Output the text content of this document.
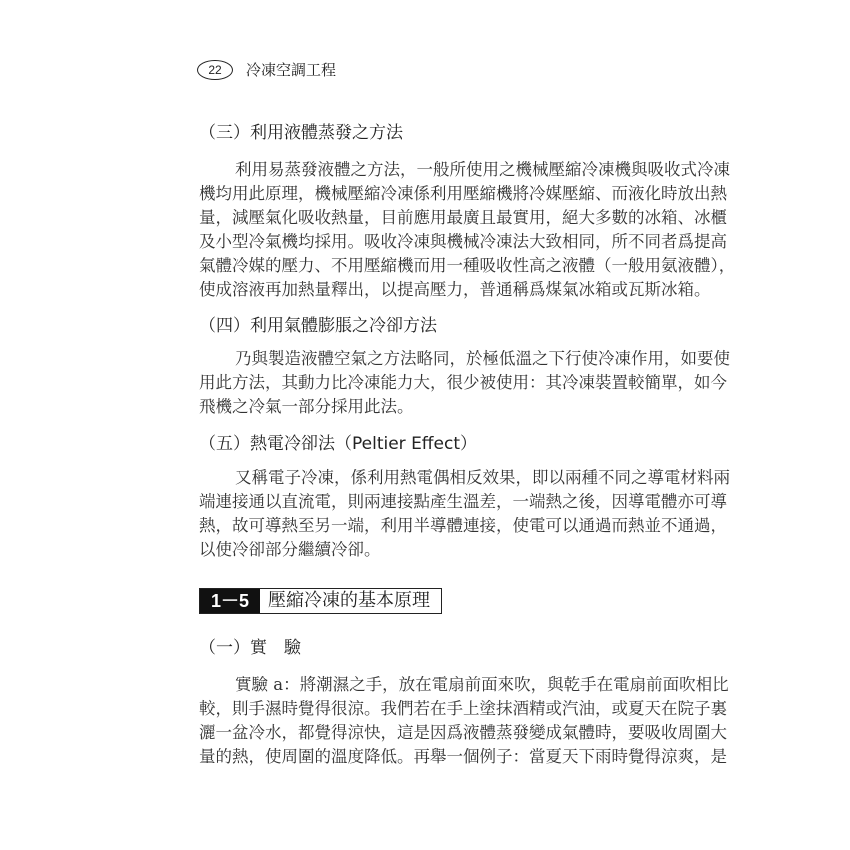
22	冷凍空調工程
（三）利用液體蒸發之方法
利用易蒸發液體之方法，一般所使用之機械壓縮冷凍機與吸收式冷凍
機均用此原理，機械壓縮冷凍係利用壓縮機將冷媒壓縮、而液化時放出熱
量，減壓氣化吸收熱量，目前應用最廣且最實用，絕大多數的冰箱、冰櫃
及小型冷氣機均採用。吸收冷凍與機械冷凍法大致相同，所不同者爲提高
氣體冷媒的壓力、不用壓縮機而用一種吸收性高之液體（一般用氨液體），
使成溶液再加熱量釋出，以提高壓力，普通稱爲煤氣冰箱或瓦斯冰箱。
（四）利用氣體膨脹之冷卻方法
乃與製造液體空氣之方法略同，於極低溫之下行使冷凍作用，如要使
用此方法，其動力比冷凍能力大，很少被使用：其冷凍裝置較簡單，如今
飛機之冷氣一部分採用此法。
（五）熱電冷卻法（Peltier Effect）
又稱電子冷凍，係利用熱電偶相反效果，即以兩種不同之導電材料兩
端連接通以直流電，則兩連接點產生溫差，一端熱之後，因導電體亦可導
熱，故可導熱至另一端，利用半導體連接，使電可以通過而熱並不通過，
以使冷卻部分繼續冷卻。
1－5	壓縮冷凍的基本原理
（一）實　驗
實驗 a：將潮濕之手，放在電扇前面來吹，與乾手在電扇前面吹相比
較，則手濕時覺得很涼。我們若在手上塗抹酒精或汽油，或夏天在院子裏
灑一盆冷水，都覺得涼快，這是因爲液體蒸發變成氣體時，要吸收周圍大
量的熱，使周圍的溫度降低。再舉一個例子：當夏天下雨時覺得涼爽，是
